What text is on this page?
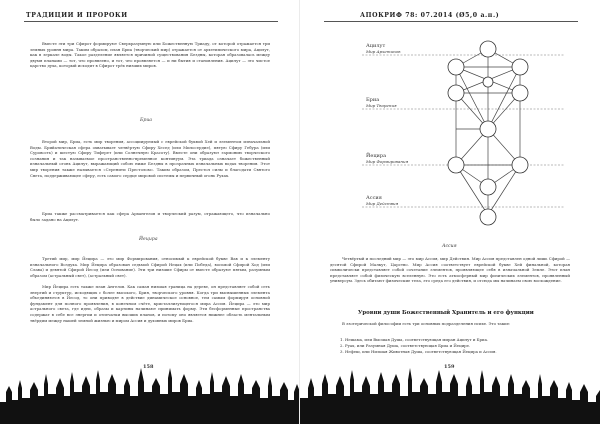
ТРАДИЦИИ И ПРОРОКИ

Вместе эти три Сфирот формируют Сверхразумную или Божественную Триаду, от которой отражается три земных уровня мира. Таким образом, план Бриа (творческий мир) отражается от архетипического мира, Ацилут, как в зеркале воды. Такое разделение является причиной существования Бездны, которая образовалась между двумя планами — тот, что проявлено, и тот, что проявляется — и ни бытия и становления. Ацилут — это чистое царство духа, который исходит в Сфирот трёх низших миров.

Бриа

Второй мир, Бриа, есть мир творения, ассоциируемый с еврейской буквой Хей и элементом изначальной Воды. Брийатическая сфера охватывает четвёртую Сфиру Хесед (или Милосердие), пятую Сфиру Гебура (или Суровость) и шестую Сфиру Тиферет (или Солнечную Красоту). Вместе они образуют гармонию творческого сознания и так называемое пространственно-временное континуум. Эта триада означает божественный изначальный огонь Ацилут, выражающий собою ниже Бездны в прозрачных изначальных водах творения. Этот мир творения также называется «Серенити Престолом». Таким образом, Престол силы и благодати Святого Света, поддерживающее сферу, есть самого сердце мировой системы и первичный огонь Рухах.

Бриа также рассматривается как сфера Архангелов и творческий разум, отражающего, что изначально было задано на Ацилут.

Йецира

Третий мир, мир Йецира — это мир Формирования, относимый к еврейской букве Вав и к элементу изначального Воздуха. Мир Йецира образован седьмой Сфирой Нецах (или Победа), восьмой Сфирой Ход (или Слава) и девятой Сфирой Йесод (или Основание). Эти три низшие Сфиры от вместе образуют пятым, разумным образом (астральный свет), (астральный свет).

Мир Йецира есть также план Ангелов. Как самая низшая граница на дереве, он представляет собой сеть энергий и структур, исходящих с более высокого, Брия, творческого уровня. Когда три высвышенных элемента объединяются в Йесод, то они приводят в действие динамическое основное, тем самым формируя основной фундамент для полного проявления, в конечном счёте, кристаллизующегося мира Ассия. Йецира — это мир астрального света, где идеи, образы и картины начинают принимать форму. Эти бесформенные пространства содержат в себе все энергии и отпечатки высших планов, и потому оно является нижнее область ментальным твёрдим между нашей земной жизнью и миром Ассия и духовных миров Бриа.

158
АПОКРИФ 78: 07.2014 (Ø5,0 а.п.)
Ацилут
Мир Архетипов
Бриа
Мир Творения
Йецира
Мир Формирования
Ассия
Мир Действия
Ассия

Четвёртый и последний мир — это мир Ассия, мир Действия. Мир Ассия представлен одной лишь Сфирой — десятой Сфирой Малкут, Царство. Мир Ассия соответствует еврейской букве Хей финальной, которая символически представляет собой сочетание элементов, проявляющее себя в изначальной Земле. Этот план представляет собой физическую вселенную. Это есть атмосферный мир физических элементов, проявленный универсум. Здесь обитают физические тела, это среда его действия, и отсюда мы начинаем свою восхождение.

Уровни души Божественный Хранитель и его функции

В эзотерической философии есть три основных подразделения психе. Это такие:

1. Нешама, или Высшая Душа, соответствующая миран Ацилут и Бриа.
2. Руах, или Разумная Душа, соответствующая Бриа и Йецире.
3. Нефеш, или Низшая Животная Душа, соответствующая Йецира и Ассия.
159
